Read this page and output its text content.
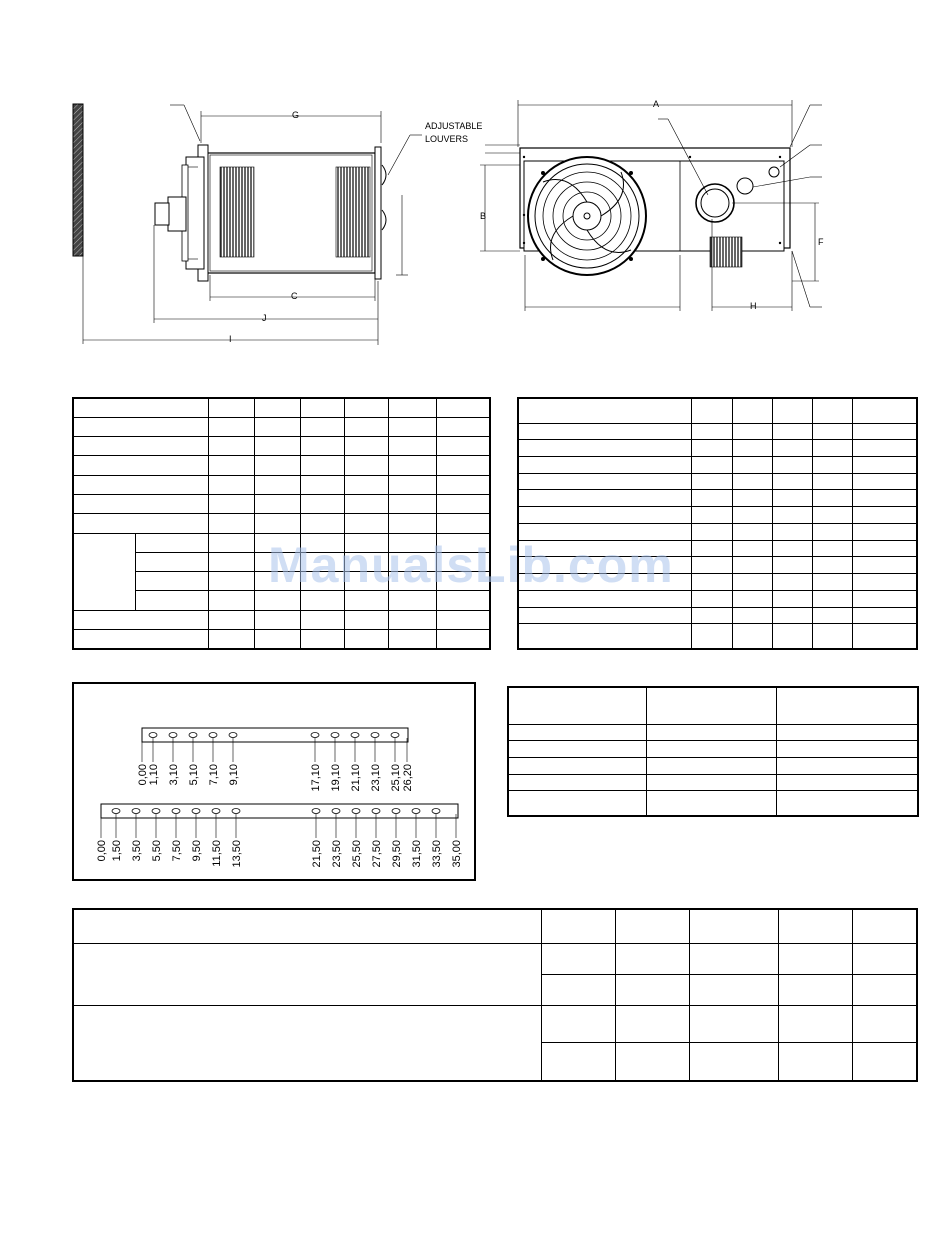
G
C
J
I
ADJUSTABLE
LOUVERS
A
B
F
H

0,00 1,10 3,10 5,10 7,10 9,10	17,10 19,10 21,10 23,10 25,10 26,20
0,00 1,50 3,50 5,50 7,50 9,50 11,50 13,50	21,50 23,50 25,50 27,50 29,50 31,50 33,50 35,00

ManualsLib.com
